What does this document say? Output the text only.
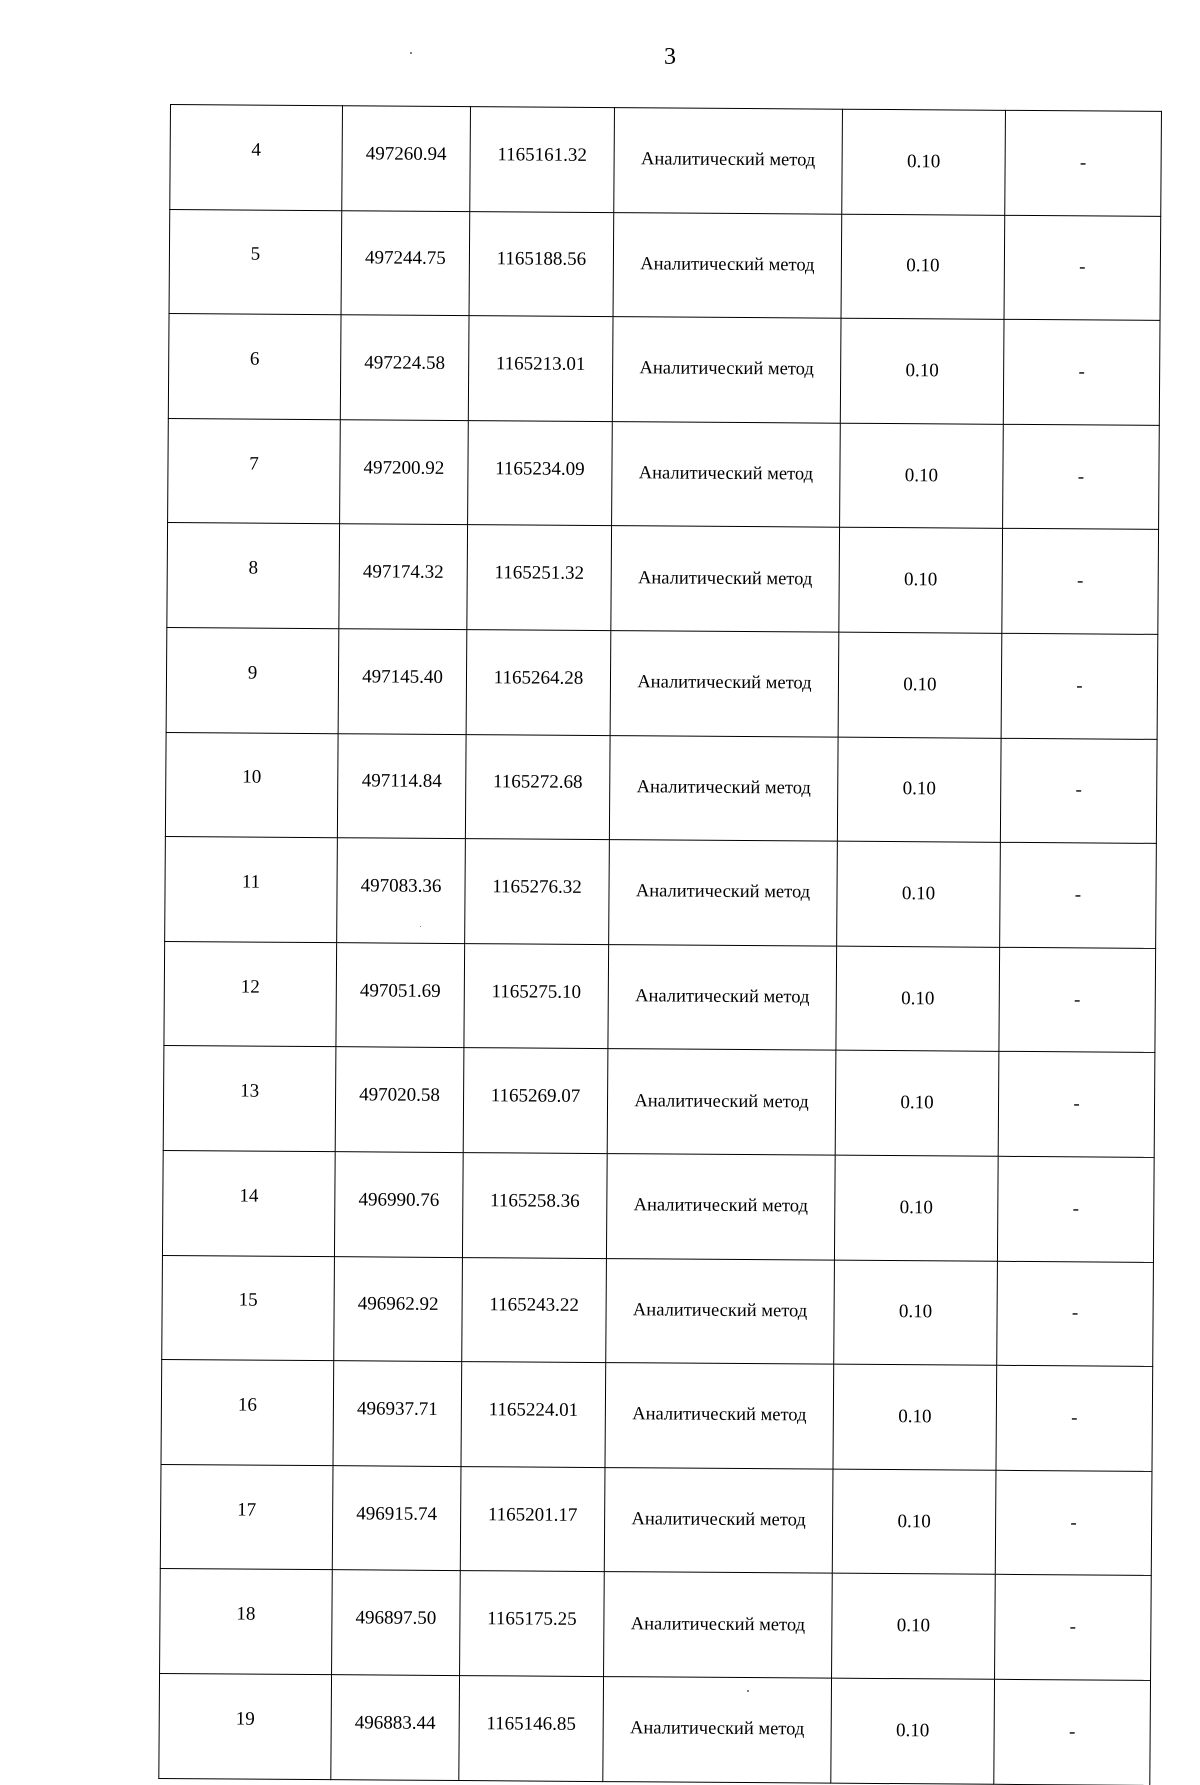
3
4	497260.94	1165161.32	Аналитический метод	0.10	-
5	497244.75	1165188.56	Аналитический метод	0.10	-
6	497224.58	1165213.01	Аналитический метод	0.10	-
7	497200.92	1165234.09	Аналитический метод	0.10	-
8	497174.32	1165251.32	Аналитический метод	0.10	-
9	497145.40	1165264.28	Аналитический метод	0.10	-
10	497114.84	1165272.68	Аналитический метод	0.10	-
11	497083.36	1165276.32	Аналитический метод	0.10	-
12	497051.69	1165275.10	Аналитический метод	0.10	-
13	497020.58	1165269.07	Аналитический метод	0.10	-
14	496990.76	1165258.36	Аналитический метод	0.10	-
15	496962.92	1165243.22	Аналитический метод	0.10	-
16	496937.71	1165224.01	Аналитический метод	0.10	-
17	496915.74	1165201.17	Аналитический метод	0.10	-
18	496897.50	1165175.25	Аналитический метод	0.10	-
19	496883.44	1165146.85	Аналитический метод	0.10	-
